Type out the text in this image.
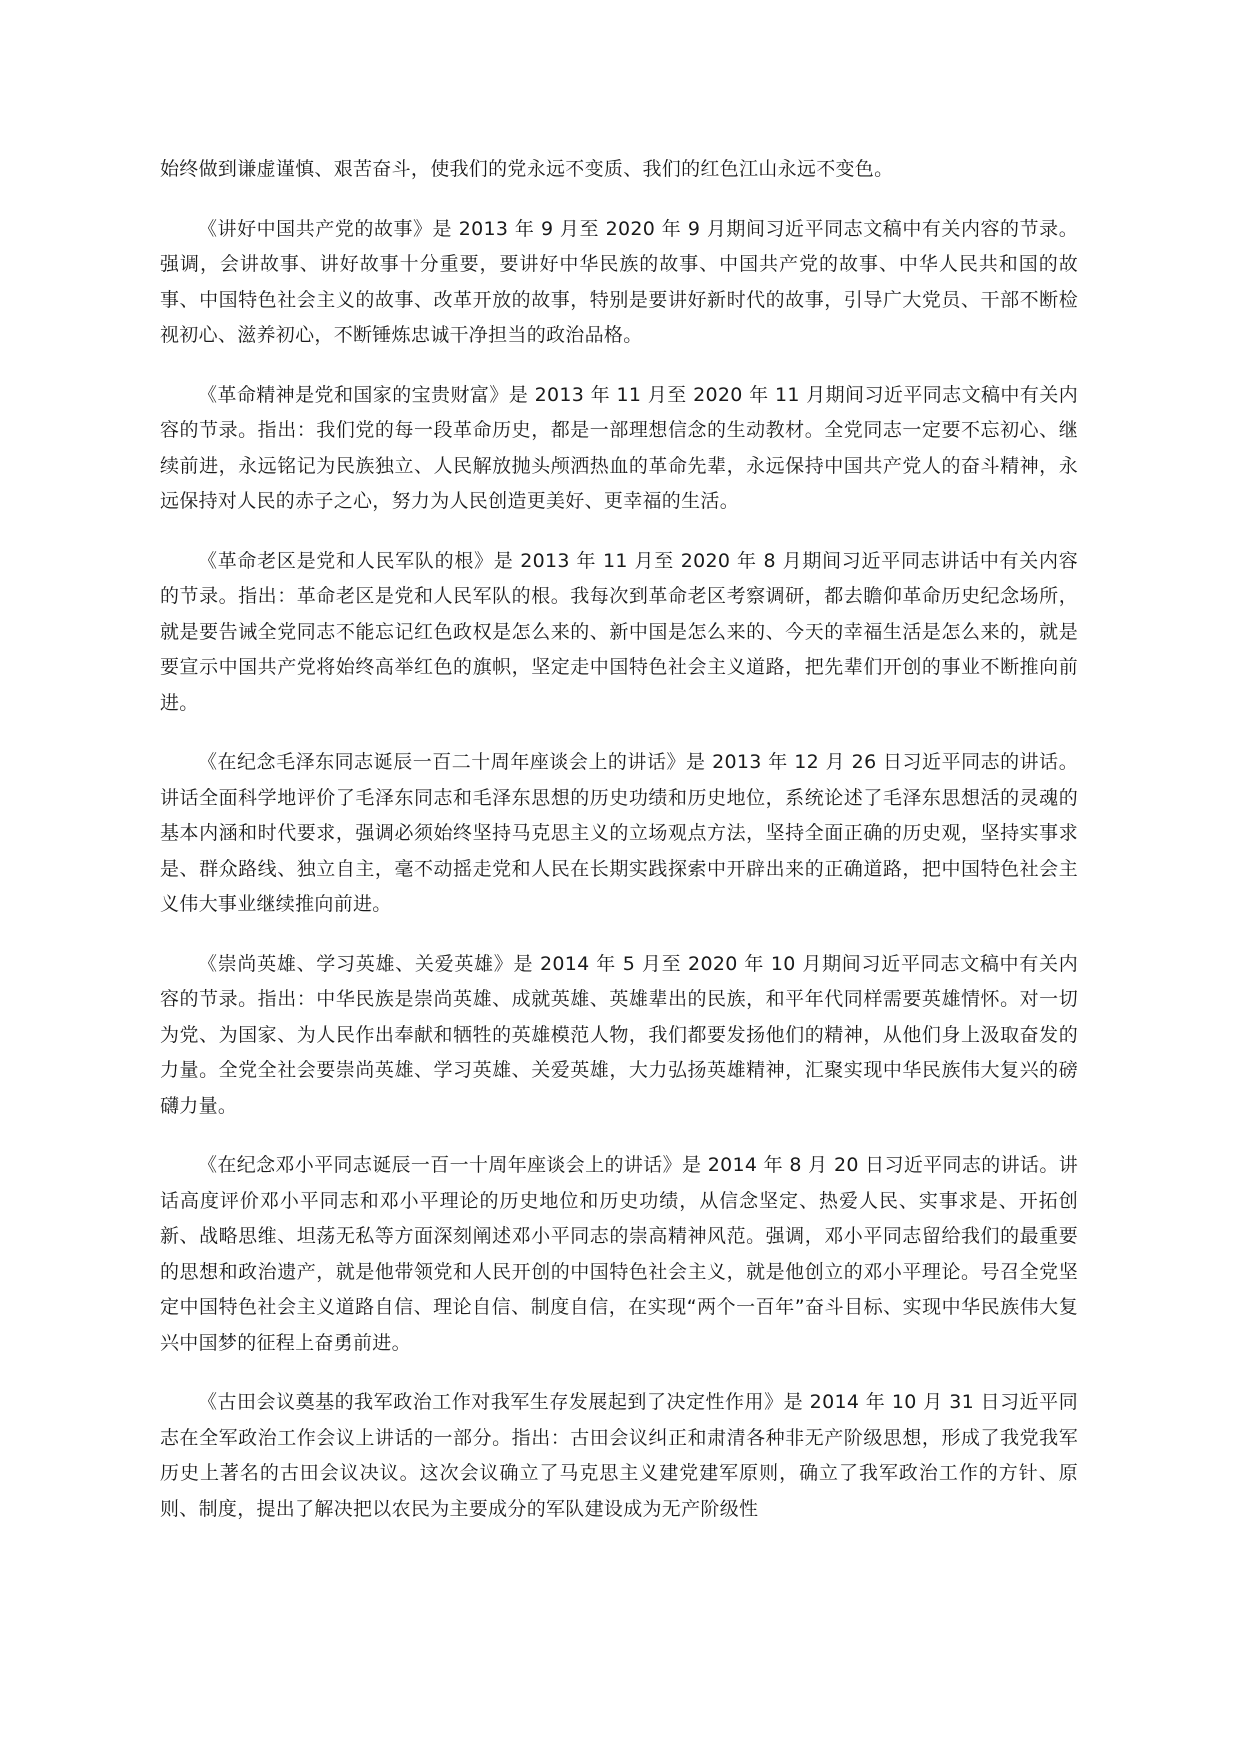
始终做到谦虚谨慎、艰苦奋斗，使我们的党永远不变质、我们的红色江山永远不变色。

《讲好中国共产党的故事》是 2013 年 9 月至 2020 年 9 月期间习近平同志文稿中有关内容的节录。强调，会讲故事、讲好故事十分重要，要讲好中华民族的故事、中国共产党的故事、中华人民共和国的故事、中国特色社会主义的故事、改革开放的故事，特别是要讲好新时代的故事，引导广大党员、干部不断检视初心、滋养初心，不断锤炼忠诚干净担当的政治品格。

《革命精神是党和国家的宝贵财富》是 2013 年 11 月至 2020 年 11 月期间习近平同志文稿中有关内容的节录。指出：我们党的每一段革命历史，都是一部理想信念的生动教材。全党同志一定要不忘初心、继续前进，永远铭记为民族独立、人民解放抛头颅洒热血的革命先辈，永远保持中国共产党人的奋斗精神，永远保持对人民的赤子之心，努力为人民创造更美好、更幸福的生活。

《革命老区是党和人民军队的根》是 2013 年 11 月至 2020 年 8 月期间习近平同志讲话中有关内容的节录。指出：革命老区是党和人民军队的根。我每次到革命老区考察调研，都去瞻仰革命历史纪念场所，就是要告诫全党同志不能忘记红色政权是怎么来的、新中国是怎么来的、今天的幸福生活是怎么来的，就是要宣示中国共产党将始终高举红色的旗帜，坚定走中国特色社会主义道路，把先辈们开创的事业不断推向前进。

《在纪念毛泽东同志诞辰一百二十周年座谈会上的讲话》是 2013 年 12 月 26 日习近平同志的讲话。讲话全面科学地评价了毛泽东同志和毛泽东思想的历史功绩和历史地位，系统论述了毛泽东思想活的灵魂的基本内涵和时代要求，强调必须始终坚持马克思主义的立场观点方法，坚持全面正确的历史观，坚持实事求是、群众路线、独立自主，毫不动摇走党和人民在长期实践探索中开辟出来的正确道路，把中国特色社会主义伟大事业继续推向前进。

《崇尚英雄、学习英雄、关爱英雄》是 2014 年 5 月至 2020 年 10 月期间习近平同志文稿中有关内容的节录。指出：中华民族是崇尚英雄、成就英雄、英雄辈出的民族，和平年代同样需要英雄情怀。对一切为党、为国家、为人民作出奉献和牺牲的英雄模范人物，我们都要发扬他们的精神，从他们身上汲取奋发的力量。全党全社会要崇尚英雄、学习英雄、关爱英雄，大力弘扬英雄精神，汇聚实现中华民族伟大复兴的磅礴力量。

《在纪念邓小平同志诞辰一百一十周年座谈会上的讲话》是 2014 年 8 月 20 日习近平同志的讲话。讲话高度评价邓小平同志和邓小平理论的历史地位和历史功绩，从信念坚定、热爱人民、实事求是、开拓创新、战略思维、坦荡无私等方面深刻阐述邓小平同志的崇高精神风范。强调，邓小平同志留给我们的最重要的思想和政治遗产，就是他带领党和人民开创的中国特色社会主义，就是他创立的邓小平理论。号召全党坚定中国特色社会主义道路自信、理论自信、制度自信，在实现“两个一百年”奋斗目标、实现中华民族伟大复兴中国梦的征程上奋勇前进。

《古田会议奠基的我军政治工作对我军生存发展起到了决定性作用》是 2014 年 10 月 31 日习近平同志在全军政治工作会议上讲话的一部分。指出：古田会议纠正和肃清各种非无产阶级思想，形成了我党我军历史上著名的古田会议决议。这次会议确立了马克思主义建党建军原则，确立了我军政治工作的方针、原则、制度，提出了解决把以农民为主要成分的军队建设成为无产阶级性
